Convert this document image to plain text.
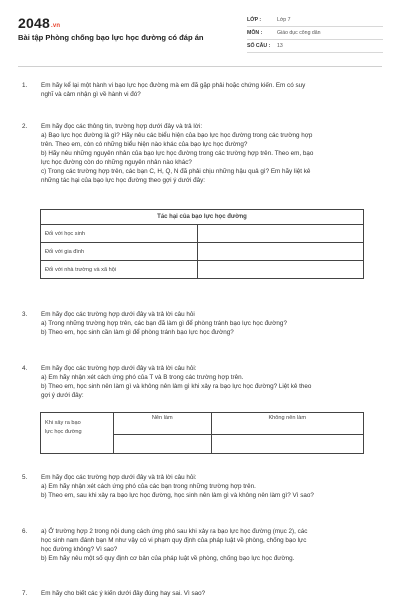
2048.vn
Bài tập Phòng chống bạo lực học đường có đáp án
LỚP :	Lớp 7
MÔN :	Giáo dục công dân
SỐ CÂU :	13
1. Em hãy kể lại một hành vi bạo lực học đường mà em đã gặp phải hoặc chứng kiến. Em có suy
nghĩ và cảm nhận gì về hành vi đó?
2. Em hãy đọc các thông tin, trường hợp dưới đây và trả lời:
a) Bạo lực học đường là gì? Hãy nêu các biểu hiện của bạo lực học đường trong các trường hợp
trên. Theo em, còn có những biểu hiện nào khác của bạo lực học đường?
b) Hãy nêu những nguyên nhân của bạo lực học đường trong các trường hợp trên. Theo em, bạo
lực học đường còn do những nguyên nhân nào khác?
c) Trong các trường hợp trên, các bạn C, H, Q, N đã phải chịu những hậu quả gì? Em hãy liệt kê
những tác hại của bạo lực học đường theo gợi ý dưới đây:
Tác hại của bạo lực học đường	
Đối với học sinh	
Đối với gia đình	
Đối với nhà trường và xã hội	
3. Em hãy đọc các trường hợp dưới đây và trả lời câu hỏi
a) Trong những trường hợp trên, các bạn đã làm gì để phòng tránh bạo lực học đường?
b) Theo em, học sinh cần làm gì để phòng tránh bạo lực học đường?
4. Em hãy đọc các trường hợp dưới đây và trả lời câu hỏi:
a) Em hãy nhận xét cách ứng phó của T và B trong các trường hợp trên.
b) Theo em, học sinh nên làm gì và không nên làm gì khi xảy ra bạo lực học đường? Liệt kê theo
gợi ý dưới đây:
Khi xảy ra bạo
lực học đường	Nên làm	Không nên làm

5. Em hãy đọc các trường hợp dưới đây và trả lời câu hỏi:
a) Em hãy nhận xét cách ứng phó của các bạn trong những trường hợp trên.
b) Theo em, sau khi xảy ra bạo lực học đường, học sinh nên làm gì và không nên làm gì? Vì sao?
6. a) Ở trường hợp 2 trong nội dung cách ứng phó sau khi xảy ra bạo lực học đường (mục 2), các
học sinh nam đánh bạn M như vậy có vi phạm quy định của pháp luật về phòng, chống bạo lực
học đường không? Vì sao?
b) Em hãy nêu một số quy định cơ bản của pháp luật về phòng, chống bạo lực học đường.
7. Em hãy cho biết các ý kiến dưới đây đúng hay sai. Vì sao?
